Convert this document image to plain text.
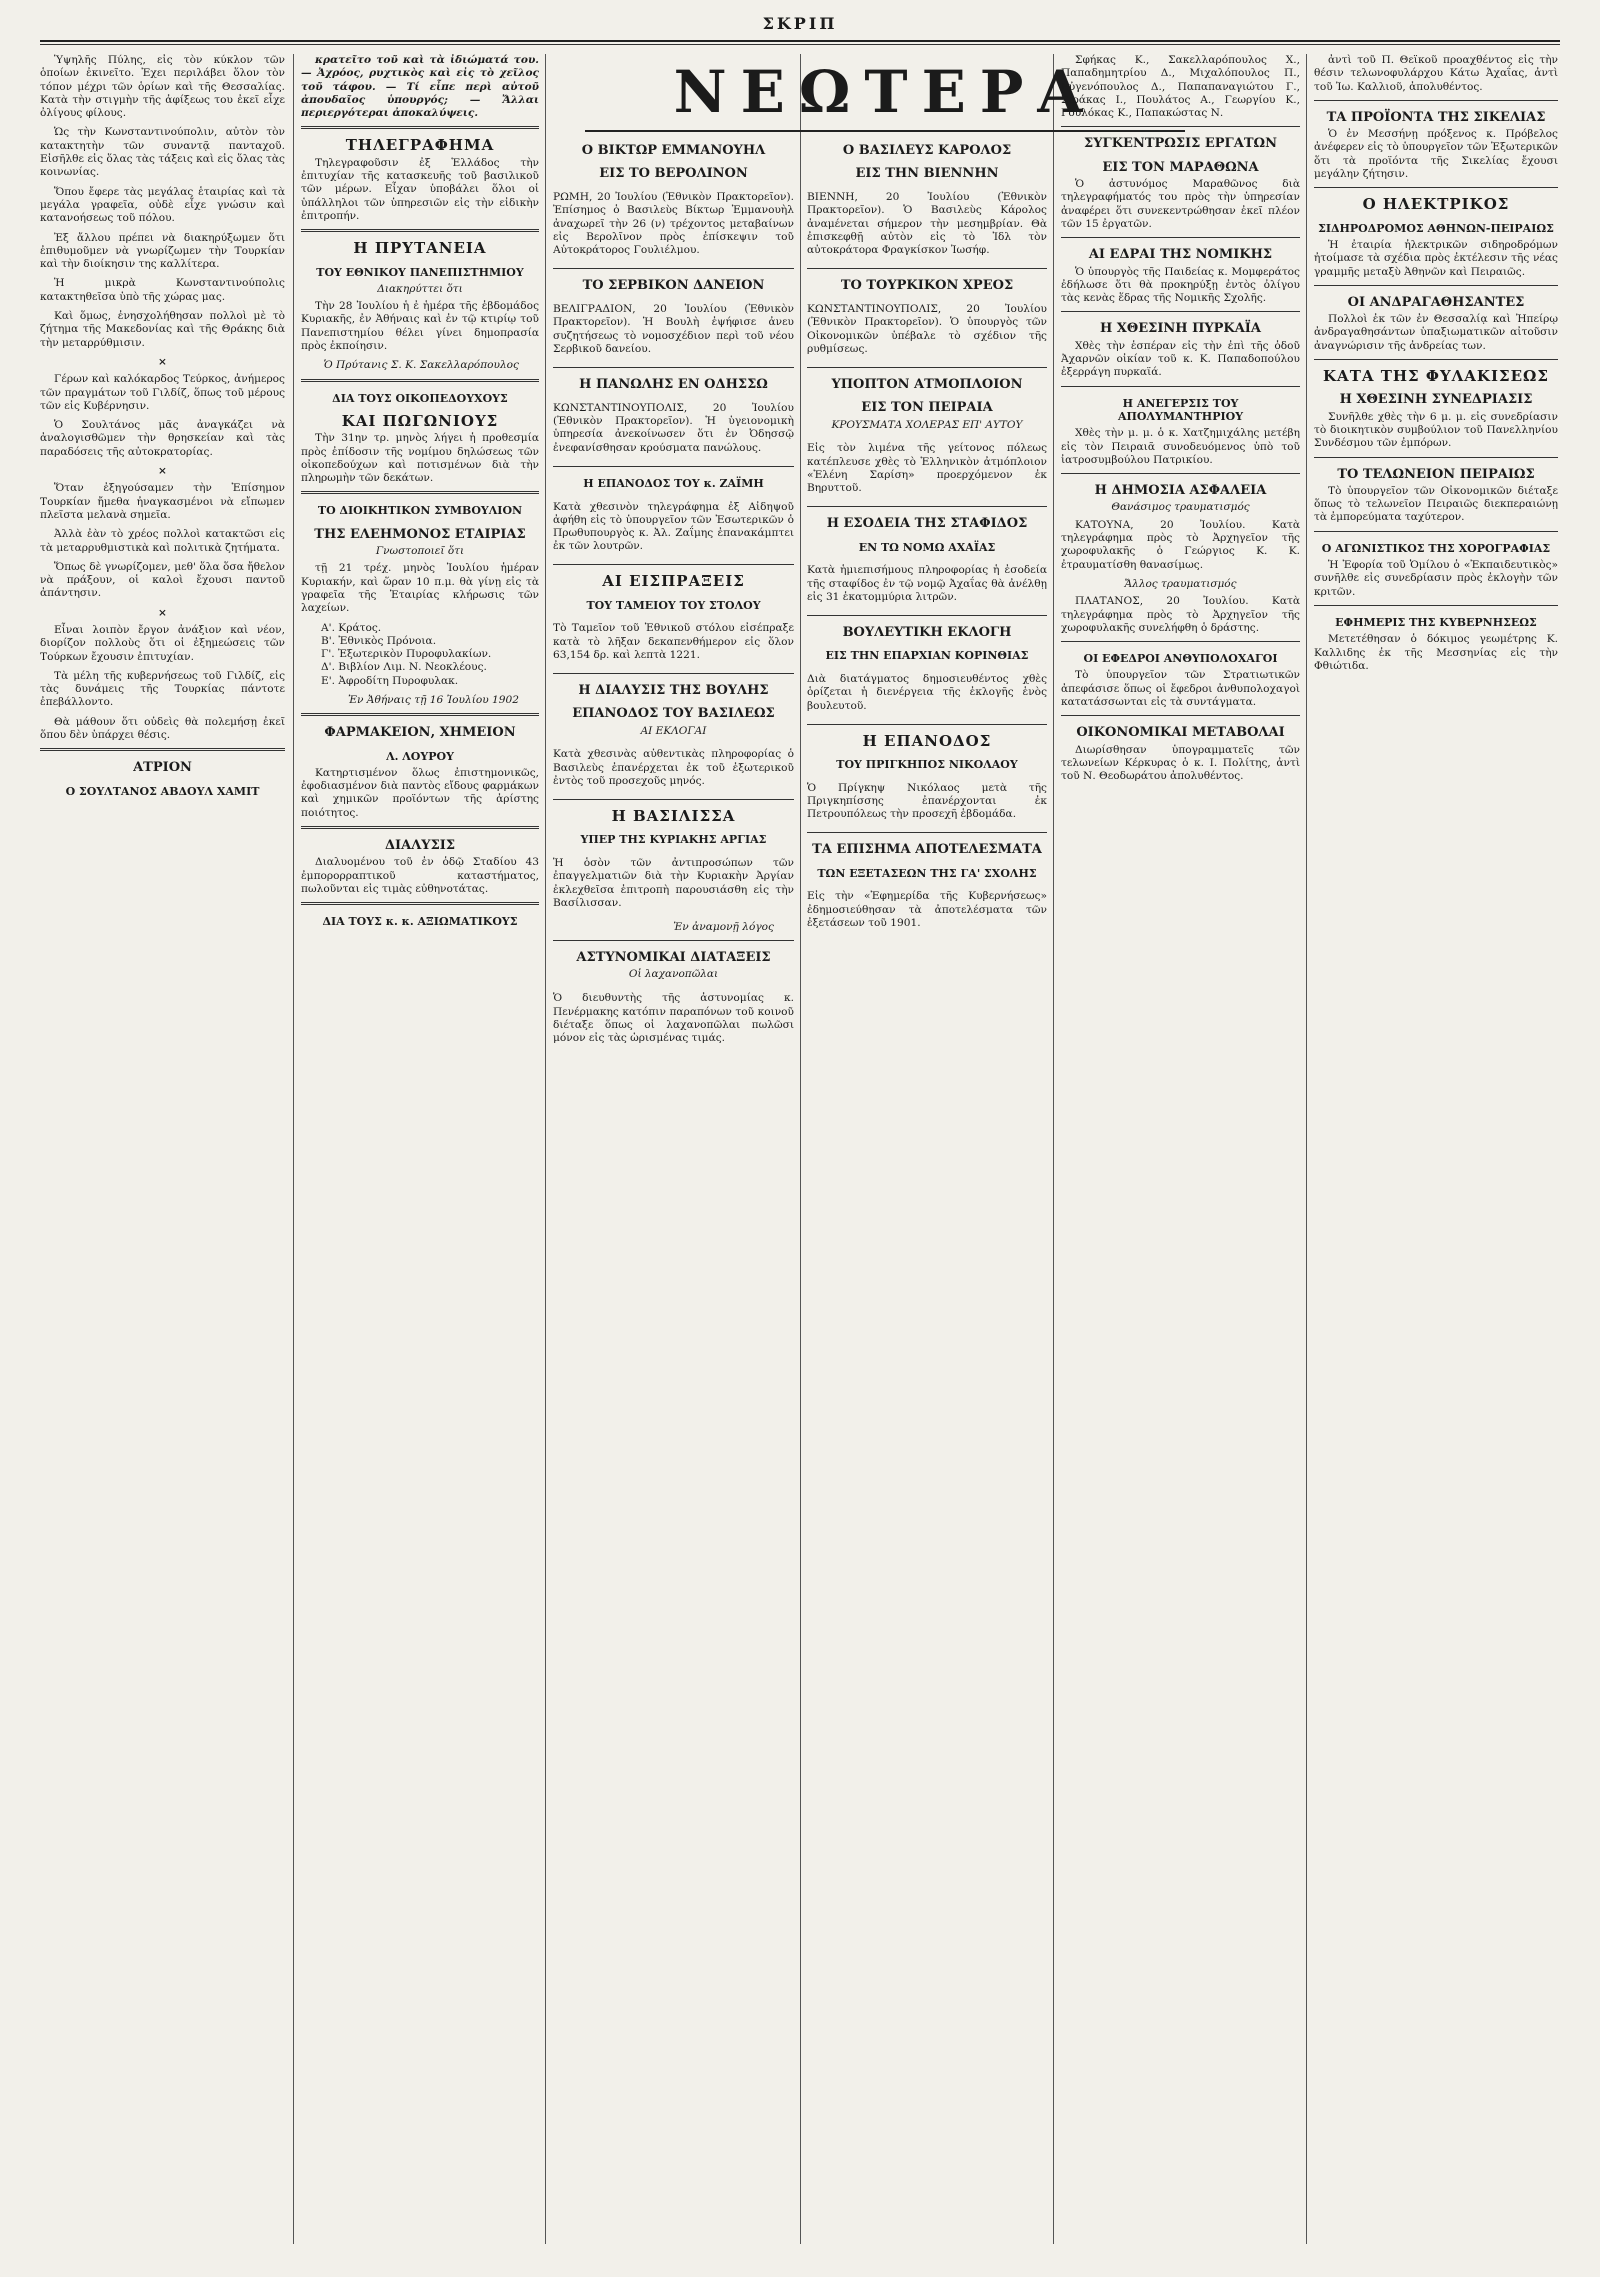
ΣΚΡΙΠ

Ὑψηλῆς Πύλης, εἰς τὸν κύκλον τῶν ὁποίων ἐκινεῖτο. Ἐχει περιλάβει ὅλον τὸν τόπον μέχρι τῶν ὁρίων καὶ τῆς Θεσσαλίας. Κατὰ τὴν στιγμὴν τῆς ἀφίξεως του ἐκεῖ εἶχε ὀλίγους φίλους.

Ὡς τὴν Κωνσταντινούπολιν, αὐτὸν τὸν κατακτητὴν τῶν συναντᾷ πανταχοῦ. Εἰσῆλθε εἰς ὅλας τὰς τάξεις καὶ εἰς ὅλας τὰς κοινωνίας.

Ὅπου ἔφερε τὰς μεγάλας ἑταιρίας καὶ τὰ μεγάλα γραφεῖα, οὐδὲ εἶχε γνώσιν καὶ κατανοήσεως τοῦ πόλου.

Ἐξ ἄλλου πρέπει νὰ διακηρύξωμεν ὅτι ἐπιθυμοῦμεν νὰ γνωρίζωμεν τὴν Τουρκίαν καὶ τὴν διοίκησιν της καλλίτερα.

Ἡ μικρὰ Κωνσταντινούπολις κατακτηθεῖσα ὑπὸ τῆς χώρας μας.

Καὶ ὅμως, ἐνησχολήθησαν πολλοὶ μὲ τὸ ζήτημα τῆς Μακεδονίας καὶ τῆς Θράκης διὰ τὴν μεταρρύθμισιν.

×

Γέρων καὶ καλόκαρδος Τεύρκος, ἀνήμερος τῶν πραγμάτων τοῦ Γιλδίζ, ὅπως τοῦ μέρους τῶν εἰς Κυβέρνησιν.

Ὁ Σουλτάνος μᾶς ἀναγκάζει νὰ ἀναλογισθῶμεν τὴν θρησκείαν καὶ τὰς παραδόσεις τῆς αὐτοκρατορίας.

×

Ὅταν ἐξηγούσαμεν τὴν Ἐπίσημον Τουρκίαν ἤμεθα ἠναγκασμένοι νὰ εἴπωμεν πλεῖστα μελανὰ σημεῖα.

Ἀλλὰ ἐὰν τὸ χρέος πολλοὶ κατακτῶσι εἰς τὰ μεταρρυθμιστικὰ καὶ πολιτικὰ ζητήματα.

Ὅπως δὲ γνωρίζομεν, μεθ' ὅλα ὅσα ἤθελον νὰ πράξουν, οἱ καλοὶ ἔχουσι παντοῦ ἀπάντησιν.

×

Εἶναι λοιπὸν ἔργον ἀνάξιον καὶ νέον, διορίζον πολλοὺς ὅτι οἱ ἐξημεώσεις τῶν Τούρκων ἔχουσιν ἐπιτυχίαν.

Τὰ μέλη τῆς κυβερνήσεως τοῦ Γιλδίζ, εἰς τὰς δυνάμεις τῆς Τουρκίας πάντοτε ἐπεβάλλοντο.

Θὰ μάθουν ὅτι οὐδεὶς θὰ πολεμήσῃ ἐκεῖ ὅπου δὲν ὑπάρχει θέσις.

ΑΤΡΙΟΝ
Ο ΣΟΥΛΤΑΝΟΣ ΑΒΔΟΥΛ ΧΑΜΙΤ

κρατεῖτο τοῦ καὶ τὰ ἰδιώματά του. — Ἀχρόος, ρυχτικὸς καὶ εἰς τὸ χεῖλος τοῦ τάφου. — Τί εἶπε περὶ αὐτοῦ ἀπουδαῖος ὑπουργός; — Ἄλλαι περιεργότεραι ἀποκαλύψεις.

ΤΗΛΕΓΡΑΦΗΜΑ

Τηλεγραφοῦσιν ἐξ Ἑλλάδος τὴν ἐπιτυχίαν τῆς κατασκευῆς τοῦ βασιλικοῦ τῶν μέρων. Εἶχαν ὑποβάλει ὅλοι οἱ ὑπάλληλοι τῶν ὑπηρεσιῶν εἰς τὴν εἰδικὴν ἐπιτροπήν.

Η ΠΡΥΤΑΝΕΙΑ
ΤΟΥ ΕΘΝΙΚΟΥ ΠΑΝΕΠΙΣΤΗΜΙΟΥ
Διακηρύττει ὅτι

Τὴν 28 Ἰουλίου ἡ ἐ ἡμέρα τῆς ἑβδομάδος Κυριακῆς, ἐν Ἀθήναις καὶ ἐν τῷ κτιρίῳ τοῦ Πανεπιστημίου θέλει γίνει δημοπρασία πρὸς ἐκποίησιν.

Ὁ Πρύτανις Σ. Κ. Σακελλαρόπουλος
ΔΙΑ ΤΟΥΣ ΟΙΚΟΠΕΔΟΥΧΟΥΣ
ΚΑΙ ΠΩΓΩΝΙΟΥΣ

Τὴν 31ην τρ. μηνὸς λήγει ἡ προθεσμία πρὸς ἐπίδοσιν τῆς νομίμου δηλώσεως τῶν οἰκοπεδούχων καὶ ποτισμένων διὰ τὴν πληρωμὴν τῶν δεκάτων.

ΤΟ ΔΙΟΙΚΗΤΙΚΟΝ ΣΥΜΒΟΥΛΙΟΝ
ΤΗΣ ΕΛΕΗΜΟΝΟΣ ΕΤΑΙΡΙΑΣ
Γνωστοποιεῖ ὅτι

τῇ 21 τρέχ. μηνὸς Ἰουλίου ἡμέραν Κυριακήν, καὶ ὥραν 10 π.μ. θὰ γίνῃ εἰς τὰ γραφεῖα τῆς Ἑταιρίας κλήρωσις τῶν λαχείων.

Α'. Κράτος.
Β'. Ἐθνικὸς Πρόνοια.
Γ'. Ἐξωτερικὸν Πυροφυλακίων.
Δ'. Βιβλίον Λιμ. Ν. Νεοκλέους.
Ε'. Ἀφροδίτη Πυροφυλακ.
Ἐν Ἀθήναις τῇ 16 Ἰουλίου 1902
ΦΑΡΜΑΚΕΙΟΝ, ΧΗΜΕΙΟΝ
Λ. ΛΟΥΡΟΥ

Κατηρτισμένον ὅλως ἐπιστημονικῶς, ἐφοδιασμένον διὰ παντὸς εἴδους φαρμάκων καὶ χημικῶν προϊόντων τῆς ἀρίστης ποιότητος.

ΔΙΑΛΥΣΙΣ

Διαλυομένου τοῦ ἐν ὁδῷ Σταδίου 43 ἐμπορορραπτικοῦ καταστήματος, πωλοῦνται εἰς τιμὰς εὐθηνοτάτας.

ΔΙΑ ΤΟΥΣ κ. κ. ΑΞΙΩΜΑΤΙΚΟΥΣ
ΝΕΩΤΕΡΑ
Ο ΒΙΚΤΩΡ ΕΜΜΑΝΟΥΗΛ
ΕΙΣ ΤΟ ΒΕΡΟΛΙΝΟΝ

ΡΩΜΗ, 20 Ἰουλίου (Ἐθνικὸν Πρακτορεῖον). Ἐπίσημος ὁ Βασιλεὺς Βίκτωρ Ἐμμανουὴλ ἀναχωρεῖ τὴν 26 (ν) τρέχοντος μεταβαίνων εἰς Βερολῖνον πρὸς ἐπίσκεψιν τοῦ Αὐτοκράτορος Γουλιέλμου.

ΤΟ ΣΕΡΒΙΚΟΝ ΔΑΝΕΙΟΝ

ΒΕΛΙΓΡΑΔΙΟΝ, 20 Ἰουλίου (Ἐθνικὸν Πρακτορεῖον). Ἡ Βουλὴ ἐψήφισε ἀνευ συζητήσεως τὸ νομοσχέδιον περὶ τοῦ νέου Σερβικοῦ δανείου.

Η ΠΑΝΩΛΗΣ ΕΝ ΟΔΗΣΣΩ

ΚΩΝΣΤΑΝΤΙΝΟΥΠΟΛΙΣ, 20 Ἰουλίου (Ἐθνικὸν Πρακτορεῖον). Ἡ ὑγειονομικὴ ὑπηρεσία ἀνεκοίνωσεν ὅτι ἐν Ὀδησσῷ ἐνεφανίσθησαν κρούσματα πανώλους.

Η ΕΠΑΝΟΔΟΣ ΤΟΥ κ. ΖΑΪΜΗ

Κατὰ χθεσινὸν τηλεγράφημα ἐξ Αἰδηψοῦ ἀφήθη εἰς τὸ ὑπουργεῖον τῶν Ἐσωτερικῶν ὁ Πρωθυπουργὸς κ. Ἀλ. Ζαΐμης ἐπανακάμπτει ἐκ τῶν λουτρῶν.

ΑΙ ΕΙΣΠΡΑΞΕΙΣ
ΤΟΥ ΤΑΜΕΙΟΥ ΤΟΥ ΣΤΟΛΟΥ

Τὸ Ταμεῖον τοῦ Ἐθνικοῦ στόλου εἰσέπραξε κατὰ τὸ λῆξαν δεκαπενθήμερον εἰς ὅλον 63,154 δρ. καὶ λεπτὰ 1221.

Η ΔΙΑΛΥΣΙΣ ΤΗΣ ΒΟΥΛΗΣ
ΕΠΑΝΟΔΟΣ ΤΟΥ ΒΑΣΙΛΕΩΣ
ΑΙ ΕΚΛΟΓΑΙ

Κατὰ χθεσινὰς αὐθεντικὰς πληροφορίας ὁ Βασιλεὺς ἐπανέρχεται ἐκ τοῦ ἐξωτερικοῦ ἐντὸς τοῦ προσεχοῦς μηνός.

Η ΒΑΣΙΛΙΣΣΑ
ΥΠΕΡ ΤΗΣ ΚΥΡΙΑΚΗΣ ΑΡΓΙΑΣ

Ἡ ὁσὸν τῶν ἀντιπροσώπων τῶν ἐπαγγελματιῶν διὰ τὴν Κυριακὴν Ἀργίαν ἐκλεχθεῖσα ἐπιτροπὴ παρουσιάσθη εἰς τὴν Βασίλισσαν.

Ἐν ἀναμονῇ λόγος
ΑΣΤΥΝΟΜΙΚΑΙ ΔΙΑΤΑΞΕΙΣ
Οἱ λαχανοπῶλαι

Ὁ διευθυντὴς τῆς ἀστυνομίας κ. Πενέρμακης κατόπιν παραπόνων τοῦ κοινοῦ διέταξε ὅπως οἱ λαχανοπῶλαι πωλῶσι μόνον εἰς τὰς ὡρισμένας τιμάς.

Ο ΒΑΣΙΛΕΥΣ ΚΑΡΟΛΟΣ
ΕΙΣ ΤΗΝ ΒΙΕΝΝΗΝ

ΒΙΕΝΝΗ, 20 Ἰουλίου (Ἐθνικὸν Πρακτορεῖον). Ὁ Βασιλεὺς Κάρολος ἀναμένεται σήμερον τὴν μεσημβρίαν. Θὰ ἐπισκεφθῇ αὐτὸν εἰς τὸ Ἰδλ τὸν αὐτοκράτορα Φραγκίσκον Ἰωσήφ.

ΤΟ ΤΟΥΡΚΙΚΟΝ ΧΡΕΟΣ

ΚΩΝΣΤΑΝΤΙΝΟΥΠΟΛΙΣ, 20 Ἰουλίου (Ἐθνικὸν Πρακτορεῖον). Ὁ ὑπουργὸς τῶν Οἰκονομικῶν ὑπέβαλε τὸ σχέδιον τῆς ρυθμίσεως.

ΥΠΟΠΤΟΝ ΑΤΜΟΠΛΟΙΟΝ
ΕΙΣ ΤΟΝ ΠΕΙΡΑΙΑ
ΚΡΟΥΣΜΑΤΑ ΧΟΛΕΡΑΣ ΕΠ' ΑΥΤΟΥ

Εἰς τὸν λιμένα τῆς γείτονος πόλεως κατέπλευσε χθὲς τὸ Ἑλληνικὸν ἀτμόπλοιον «Ἑλένη Σαρίση» προερχόμενον ἐκ Βηρυττοῦ.

Η ΕΣΟΔΕΙΑ ΤΗΣ ΣΤΑΦΙΔΟΣ
ΕΝ ΤΩ ΝΟΜΩ ΑΧΑΪΑΣ

Κατὰ ἡμιεπισήμους πληροφορίας ἡ ἐσοδεία τῆς σταφίδος ἐν τῷ νομῷ Ἀχαΐας θὰ ἀνέλθῃ εἰς 31 ἑκατομμύρια λιτρῶν.

ΒΟΥΛΕΥΤΙΚΗ ΕΚΛΟΓΗ
ΕΙΣ ΤΗΝ ΕΠΑΡΧΙΑΝ ΚΟΡΙΝΘΙΑΣ

Διὰ διατάγματος δημοσιευθέντος χθὲς ὁρίζεται ἡ διενέργεια τῆς ἐκλογῆς ἑνὸς βουλευτοῦ.

Η ΕΠΑΝΟΔΟΣ
ΤΟΥ ΠΡΙΓΚΗΠΟΣ ΝΙΚΟΛΑΟΥ

Ὁ Πρίγκηψ Νικόλαος μετὰ τῆς Πριγκηπίσσης ἐπανέρχονται ἐκ Πετρουπόλεως τὴν προσεχῆ ἑβδομάδα.

ΤΑ ΕΠΙΣΗΜΑ ΑΠΟΤΕΛΕΣΜΑΤΑ
ΤΩΝ ΕΞΕΤΑΣΕΩΝ ΤΗΣ ΓΑ' ΣΧΟΛΗΣ

Εἰς τὴν «Ἐφημερίδα τῆς Κυβερνήσεως» ἐδημοσιεύθησαν τὰ ἀποτελέσματα τῶν ἐξετάσεων τοῦ 1901.

Σφήκας Κ., Σακελλαρόπουλος Χ., Παπαδημητρίου Δ., Μιχαλόπουλος Π., Εὐγενόπουλος Δ., Παπαπαναγιώτου Γ., Σιράκας Ι., Πουλάτος Α., Γεωργίου Κ., Γουλόκας Κ., Παπακώστας Ν.

ΣΥΓΚΕΝΤΡΩΣΙΣ ΕΡΓΑΤΩΝ
ΕΙΣ ΤΟΝ ΜΑΡΑΘΩΝΑ

Ὁ ἀστυνόμος Μαραθῶνος διὰ τηλεγραφήματός του πρὸς τὴν ὑπηρεσίαν ἀναφέρει ὅτι συνεκεντρώθησαν ἐκεῖ πλέον τῶν 15 ἐργατῶν.

ΑΙ ΕΔΡΑΙ ΤΗΣ ΝΟΜΙΚΗΣ

Ὁ ὑπουργὸς τῆς Παιδείας κ. Μομφεράτος ἐδήλωσε ὅτι θὰ προκηρύξῃ ἐντὸς ὀλίγου τὰς κενὰς ἕδρας τῆς Νομικῆς Σχολῆς.

Η ΧΘΕΣΙΝΗ ΠΥΡΚΑΪΑ

Χθὲς τὴν ἑσπέραν εἰς τὴν ἐπὶ τῆς ὁδοῦ Ἀχαρνῶν οἰκίαν τοῦ κ. Κ. Παπαδοπούλου ἐξερράγη πυρκαϊά.

Η ΑΝΕΓΕΡΣΙΣ ΤΟΥ ΑΠΟΛΥΜΑΝΤΗΡΙΟΥ

Χθὲς τὴν μ. μ. ὁ κ. Χατζημιχάλης μετέβη εἰς τὸν Πειραιᾶ συνοδευόμενος ὑπὸ τοῦ ἰατροσυμβούλου Πατρικίου.

Η ΔΗΜΟΣΙΑ ΑΣΦΑΛΕΙΑ
Θανάσιμος τραυματισμός

ΚΑΤΟΥΝΑ, 20 Ἰουλίου. Κατὰ τηλεγράφημα πρὸς τὸ Ἀρχηγεῖον τῆς χωροφυλακῆς ὁ Γεώργιος Κ. Κ. ἐτραυματίσθη θανασίμως.

Ἄλλος τραυματισμός

ΠΛΑΤΑΝΟΣ, 20 Ἰουλίου. Κατὰ τηλεγράφημα πρὸς τὸ Ἀρχηγεῖον τῆς χωροφυλακῆς συνελήφθη ὁ δράστης.

ΟΙ ΕΦΕΔΡΟΙ ΑΝΘΥΠΟΛΟΧΑΓΟΙ

Τὸ ὑπουργεῖον τῶν Στρατιωτικῶν ἀπεφάσισε ὅπως οἱ ἔφεδροι ἀνθυπολοχαγοὶ κατατάσσωνται εἰς τὰ συντάγματα.

ΟΙΚΟΝΟΜΙΚΑΙ ΜΕΤΑΒΟΛΑΙ

Διωρίσθησαν ὑπογραμματεῖς τῶν τελωνείων Κέρκυρας ὁ κ. Ι. Πολίτης, ἀντὶ τοῦ Ν. Θεοδωράτου ἀπολυθέντος.

ἀντὶ τοῦ Π. Θεϊκοῦ προαχθέντος εἰς τὴν θέσιν τελωνοφυλάρχου Κάτω Ἀχαΐας, ἀντὶ τοῦ Ἰω. Καλλιοῦ, ἀπολυθέντος.

ΤΑ ΠΡΟΪΟΝΤΑ ΤΗΣ ΣΙΚΕΛΙΑΣ

Ὁ ἐν Μεσσήνῃ πρόξενος κ. Πρόβελος ἀνέφερεν εἰς τὸ ὑπουργεῖον τῶν Ἐξωτερικῶν ὅτι τὰ προϊόντα τῆς Σικελίας ἔχουσι μεγάλην ζήτησιν.

Ο ΗΛΕΚΤΡΙΚΟΣ
ΣΙΔΗΡΟΔΡΟΜΟΣ ΑΘΗΝΩΝ-ΠΕΙΡΑΙΩΣ

Ἡ ἐταιρία ἠλεκτρικῶν σιδηροδρόμων ἠτοίμασε τὰ σχέδια πρὸς ἐκτέλεσιν τῆς νέας γραμμῆς μεταξὺ Ἀθηνῶν καὶ Πειραιῶς.

ΟΙ ΑΝΔΡΑΓΑΘΗΣΑΝΤΕΣ

Πολλοὶ ἐκ τῶν ἐν Θεσσαλίᾳ καὶ Ἠπείρῳ ἀνδραγαθησάντων ὑπαξιωματικῶν αἰτοῦσιν ἀναγνώρισιν τῆς ἀνδρείας των.

ΚΑΤΑ ΤΗΣ ΦΥΛΑΚΙΣΕΩΣ
Η ΧΘΕΣΙΝΗ ΣΥΝΕΔΡΙΑΣΙΣ

Συνῆλθε χθὲς τὴν 6 μ. μ. εἰς συνεδρίασιν τὸ διοικητικὸν συμβούλιον τοῦ Πανελληνίου Συνδέσμου τῶν ἐμπόρων.

ΤΟ ΤΕΛΩΝΕΙΟΝ ΠΕΙΡΑΙΩΣ

Τὸ ὑπουργεῖον τῶν Οἰκονομικῶν διέταξε ὅπως τὸ τελωνεῖον Πειραιῶς διεκπεραιώνῃ τὰ ἐμπορεύματα ταχύτερον.

Ο ΑΓΩΝΙΣΤΙΚΟΣ ΤΗΣ ΧΟΡΟΓΡΑΦΙΑΣ

Ἡ Ἐφορία τοῦ Ὁμίλου ὁ «Ἐκπαιδευτικὸς» συνῆλθε εἰς συνεδρίασιν πρὸς ἐκλογὴν τῶν κριτῶν.

ΕΦΗΜΕΡΙΣ ΤΗΣ ΚΥΒΕΡΝΗΣΕΩΣ

Μετετέθησαν ὁ δόκιμος γεωμέτρης Κ. Καλλιδης ἐκ τῆς Μεσσηνίας εἰς τὴν Φθιώτιδα.
